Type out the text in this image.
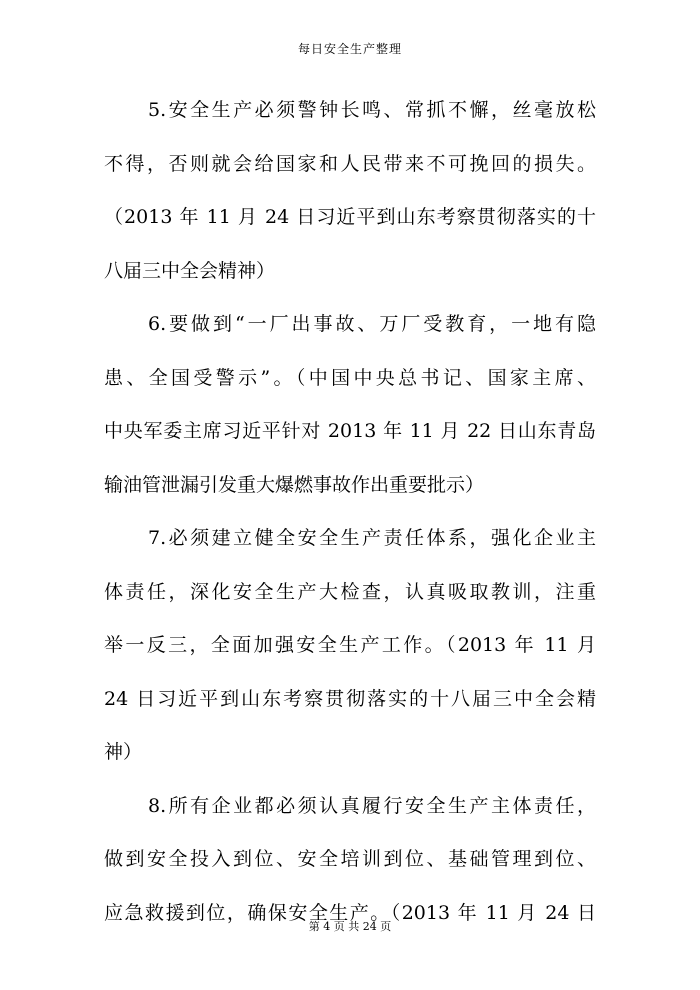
每日安全生产整理
5.安全生产必须警钟长鸣、常抓不懈，丝毫放松
不得，否则就会给国家和人民带来不可挽回的损失。
（2013 年 11 月 24 日习近平到山东考察贯彻落实的十
八届三中全会精神）
6.要做到“一厂出事故、万厂受教育，一地有隐
患、全国受警示”。（中国中央总书记、国家主席、
中央军委主席习近平针对 2013 年 11 月 22 日山东青岛
输油管泄漏引发重大爆燃事故作出重要批示）
7.必须建立健全安全生产责任体系，强化企业主
体责任，深化安全生产大检查，认真吸取教训，注重
举一反三，全面加强安全生产工作。（2013 年 11 月
24 日习近平到山东考察贯彻落实的十八届三中全会精
神）
8.所有企业都必须认真履行安全生产主体责任，
做到安全投入到位、安全培训到位、基础管理到位、
应急救援到位，确保安全生产。（2013 年 11 月 24 日
第 4 页 共 24 页
